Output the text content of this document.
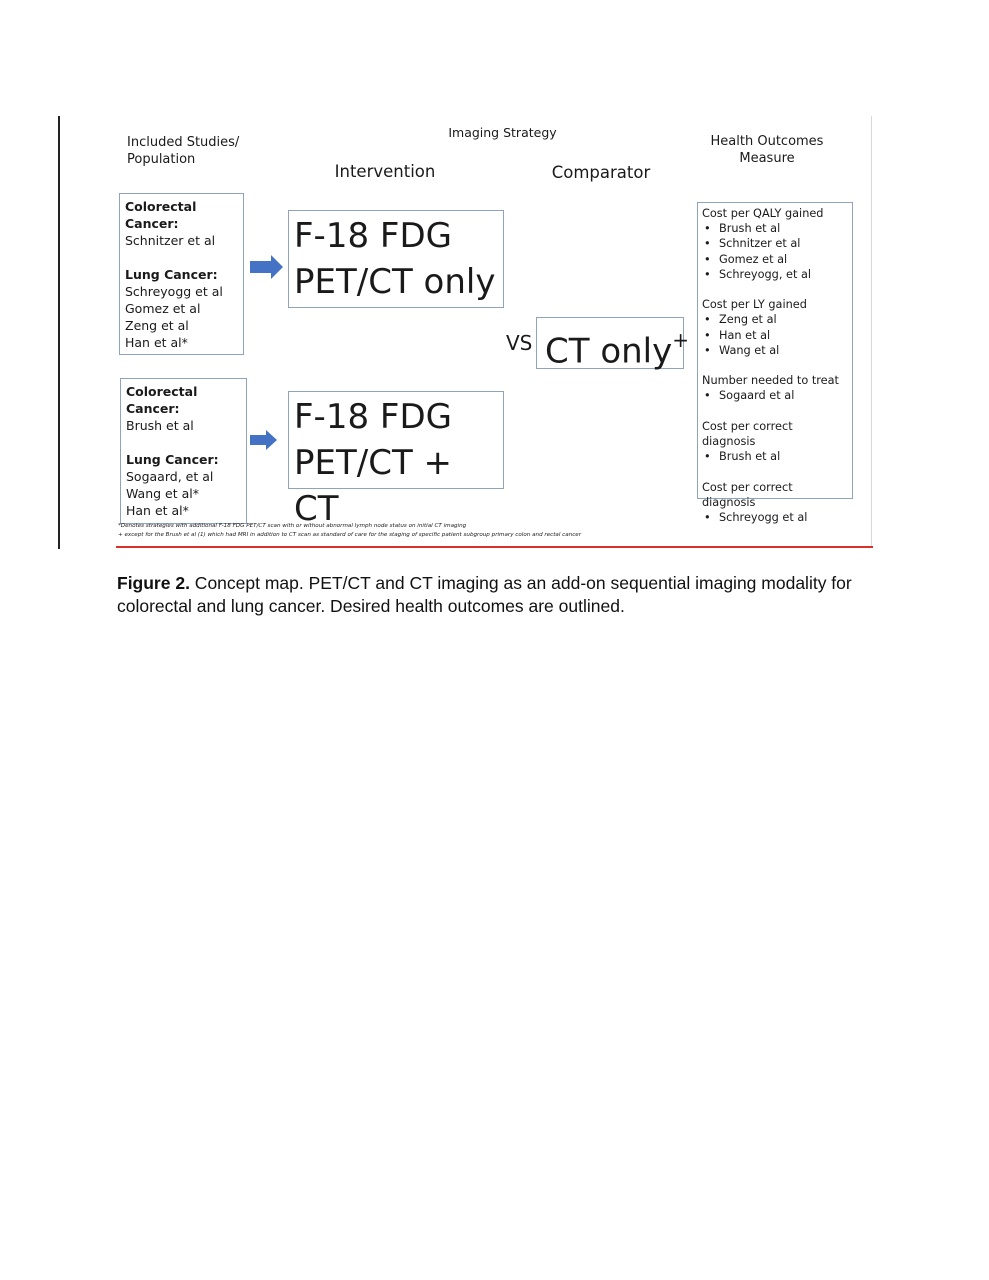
Included Studies/ Population
Imaging Strategy
Intervention	Comparator
Health Outcomes Measure
Colorectal Cancer:
Schnitzer et al
Lung Cancer:
Schreyogg et al
Gomez et al
Zeng et al
Han et al*
Colorectal Cancer:
Brush et al
Lung Cancer:
Sogaard, et al
Wang et al*
Han et al*
F-18 FDG
PET/CT only
F-18 FDG
PET/CT + CT
VS CT only+
Cost per QALY gained
• Brush et al
• Schnitzer et al
• Gomez et al
• Schreyogg, et al
Cost per LY gained
• Zeng et al
• Han et al
• Wang et al
Number needed to treat
• Sogaard et al
Cost per correct diagnosis
• Brush et al
Cost per correct diagnosis
• Schreyogg et al
*Denotes strategies with additional F-18 FDG PET/CT scan with or without abnormal lymph node status on initial CT imaging
+ except for the Brush et al (1) which had MRI in addition to CT scan as standard of care for the staging of specific patient subgroup primary colon and rectal cancer
Figure 2. Concept map. PET/CT and CT imaging as an add-on sequential imaging modality for colorectal and lung cancer. Desired health outcomes are outlined.
